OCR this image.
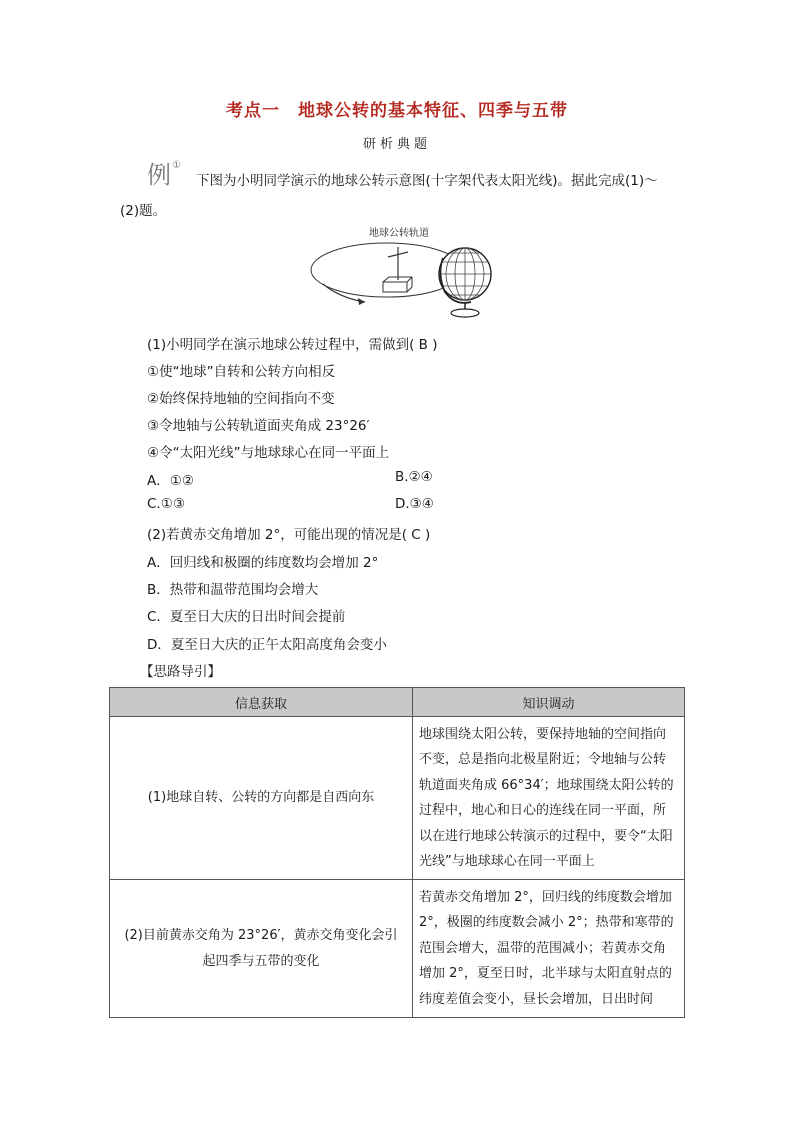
考点一　地球公转的基本特征、四季与五带
研析典题
例 ①
下图为小明同学演示的地球公转示意图(十字架代表太阳光线)。据此完成(1)～
(2)题。
地球公转轨道
(1)小明同学在演示地球公转过程中，需做到( B )
①使“地球”自转和公转方向相反
②始终保持地轴的空间指向不变
③令地轴与公转轨道面夹角成 23°26′
④令“太阳光线”与地球球心在同一平面上
A．①②	B.②④
C.①③	D.③④
(2)若黄赤交角增加 2°，可能出现的情况是( C )
A．回归线和极圈的纬度数均会增加 2°
B．热带和温带范围均会增大
C．夏至日大庆的日出时间会提前
D．夏至日大庆的正午太阳高度角会变小
【思路导引】
信息获取	知识调动
(1)地球自转、公转的方向都是自西向东	地球围绕太阳公转，要保持地轴的空间指向不变，总是指向北极星附近；令地轴与公转轨道面夹角成 66°34′；地球围绕太阳公转的过程中，地心和日心的连线在同一平面，所以在进行地球公转演示的过程中，要令“太阳光线”与地球球心在同一平面上
(2)目前黄赤交角为 23°26′，黄赤交角变化会引起四季与五带的变化	若黄赤交角增加 2°，回归线的纬度数会增加 2°，极圈的纬度数会减小 2°；热带和寒带的范围会增大，温带的范围减小；若黄赤交角增加 2°，夏至日时，北半球与太阳直射点的纬度差值会变小，昼长会增加，日出时间
